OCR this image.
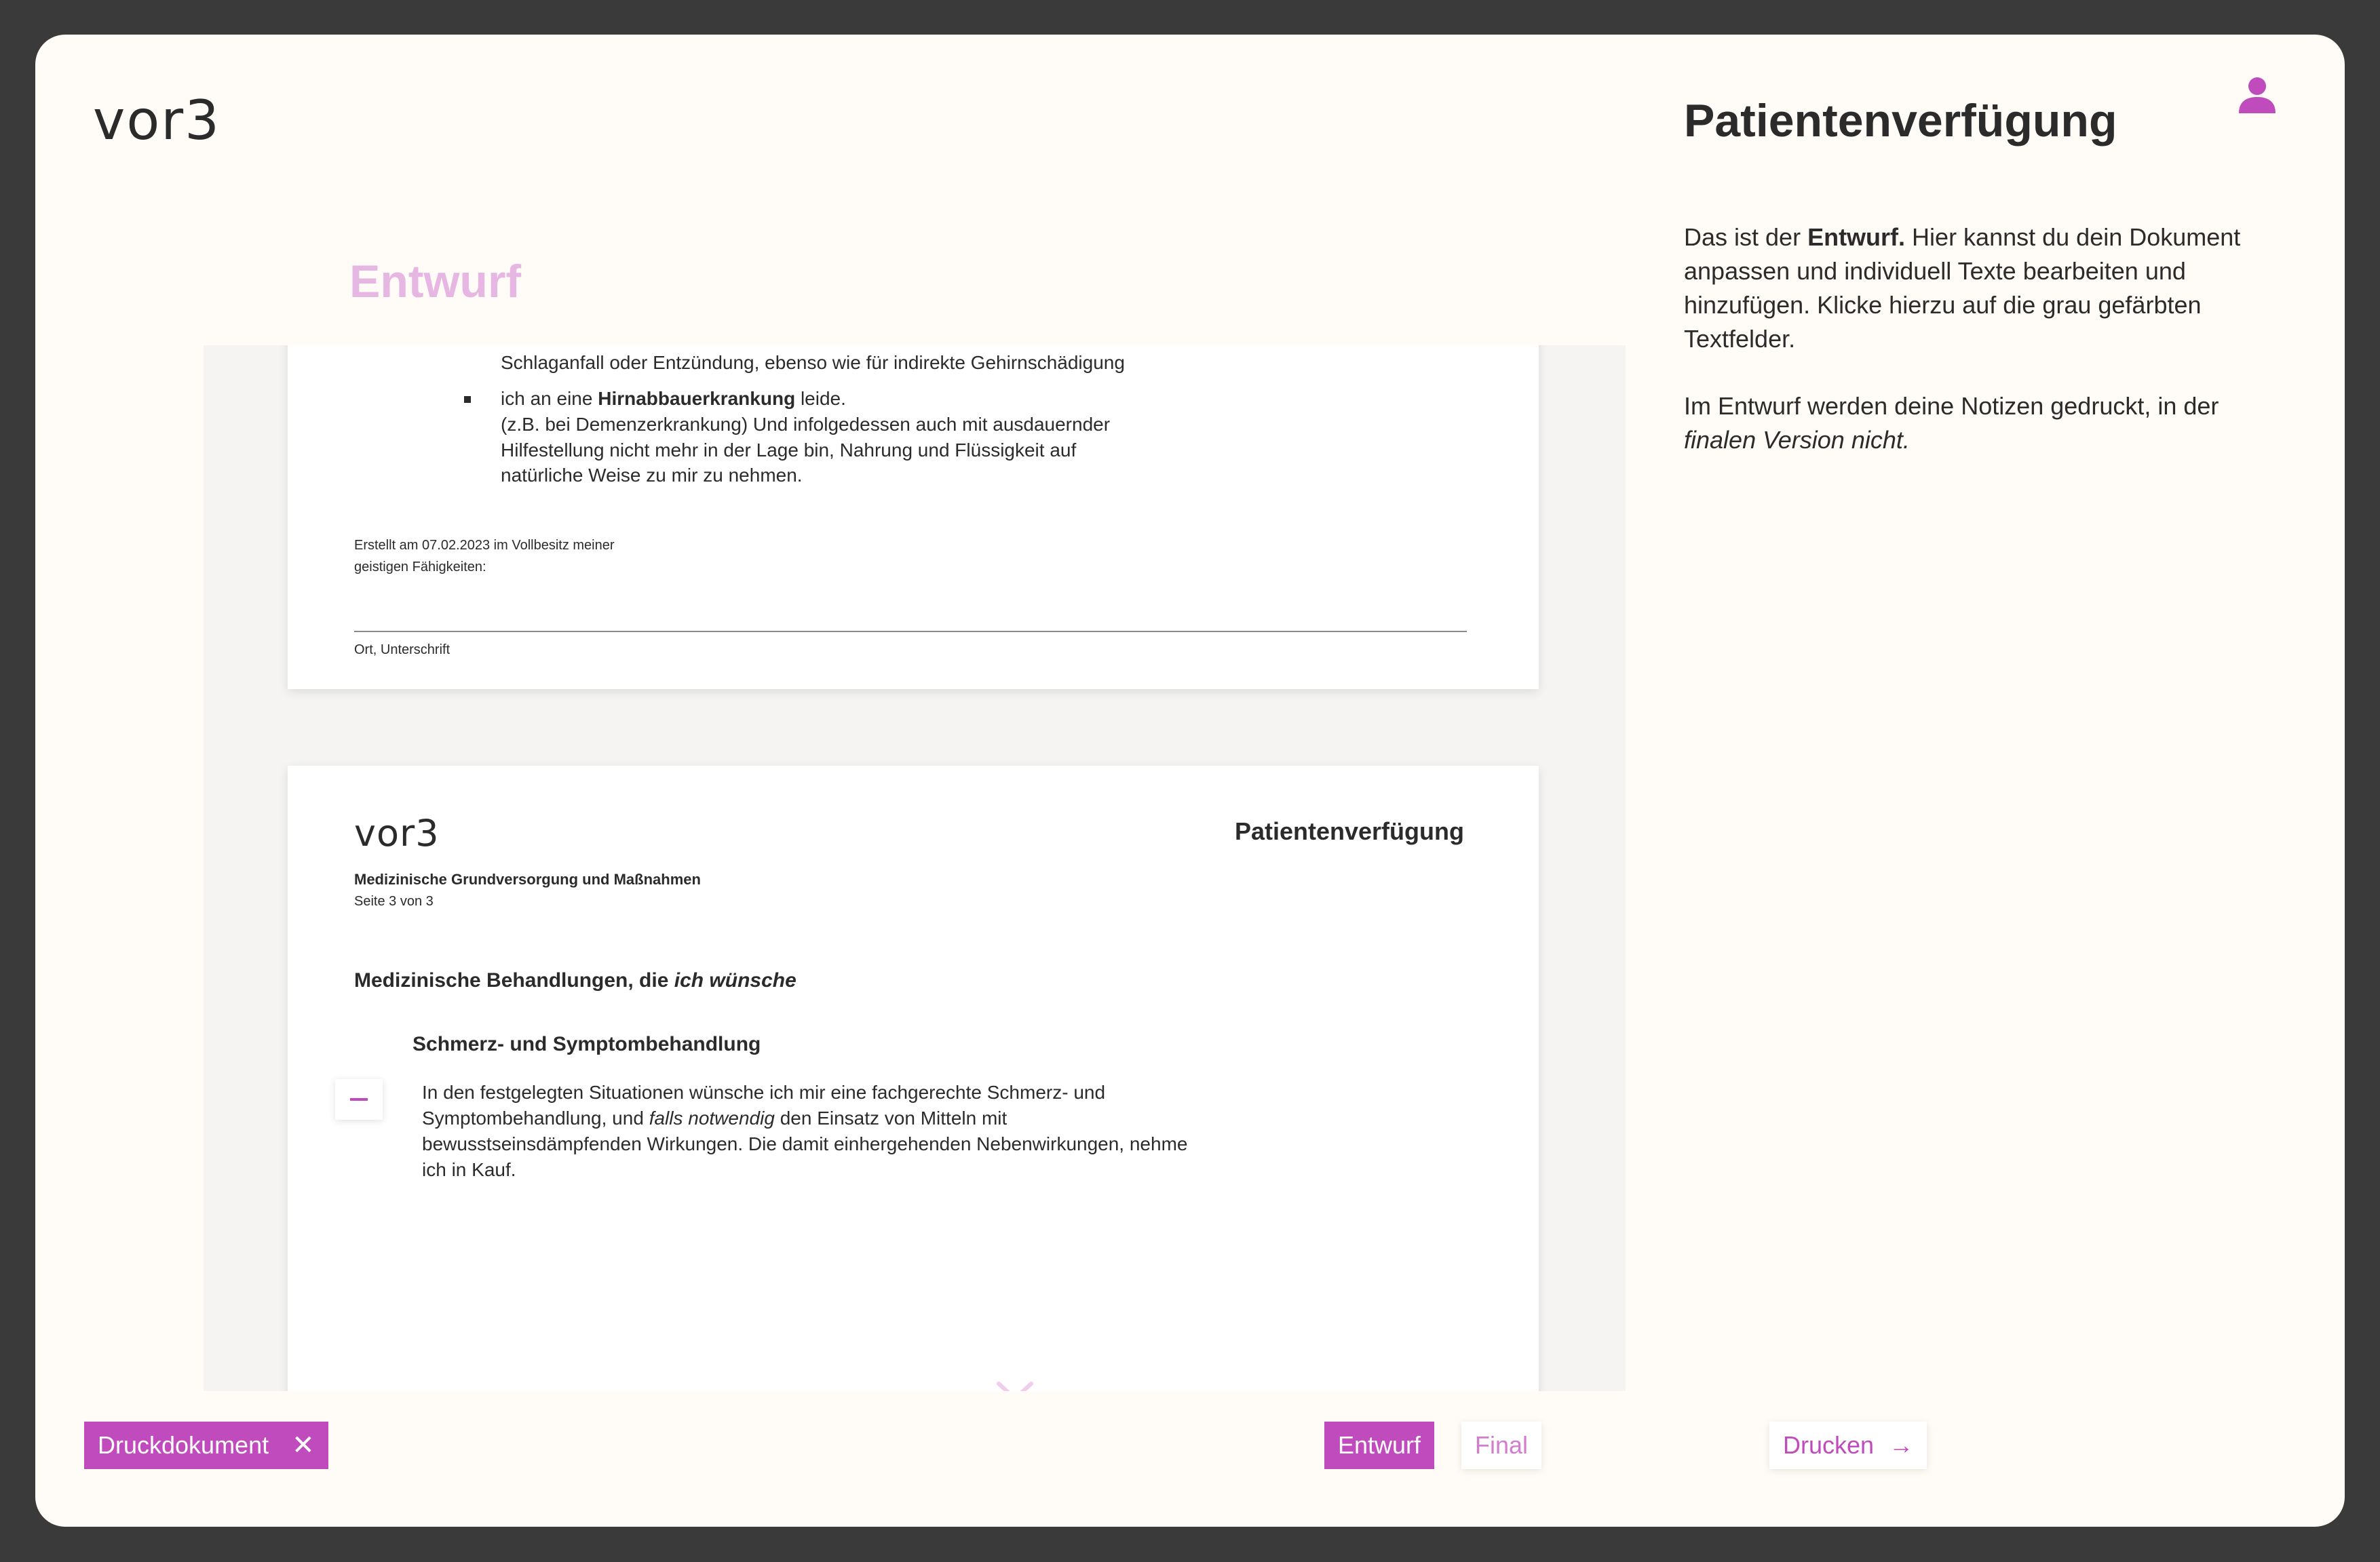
vor3	Patientenverfügung
Entwurf
Schlaganfall oder Entzündung, ebenso wie für indirekte Gehirnschädigung
ich an eine Hirnabbauerkrankung leide.
(z.B. bei Demenzerkrankung) Und infolgedessen auch mit ausdauernder
Hilfestellung nicht mehr in der Lage bin, Nahrung und Flüssigkeit auf
natürliche Weise zu mir zu nehmen.
Erstellt am 07.02.2023 im Vollbesitz meiner
geistigen Fähigkeiten:
Ort, Unterschrift
vor3	Patientenverfügung
Medizinische Grundversorgung und Maßnahmen
Seite 3 von 3
Medizinische Behandlungen, die ich wünsche
Schmerz- und Symptombehandlung
In den festgelegten Situationen wünsche ich mir eine fachgerechte Schmerz- und
Symptombehandlung, und falls notwendig den Einsatz von Mitteln mit
bewusstseinsdämpfenden Wirkungen. Die damit einhergehenden Nebenwirkungen, nehme
ich in Kauf.

Das ist der Entwurf. Hier kannst du dein Dokument anpassen und individuell Texte bearbeiten und hinzufügen. Klicke hierzu auf die grau gefärbten Textfelder.

Im Entwurf werden deine Notizen gedruckt, in der finalen Version nicht.

Druckdokument ✕	Entwurf	Final	Drucken →
